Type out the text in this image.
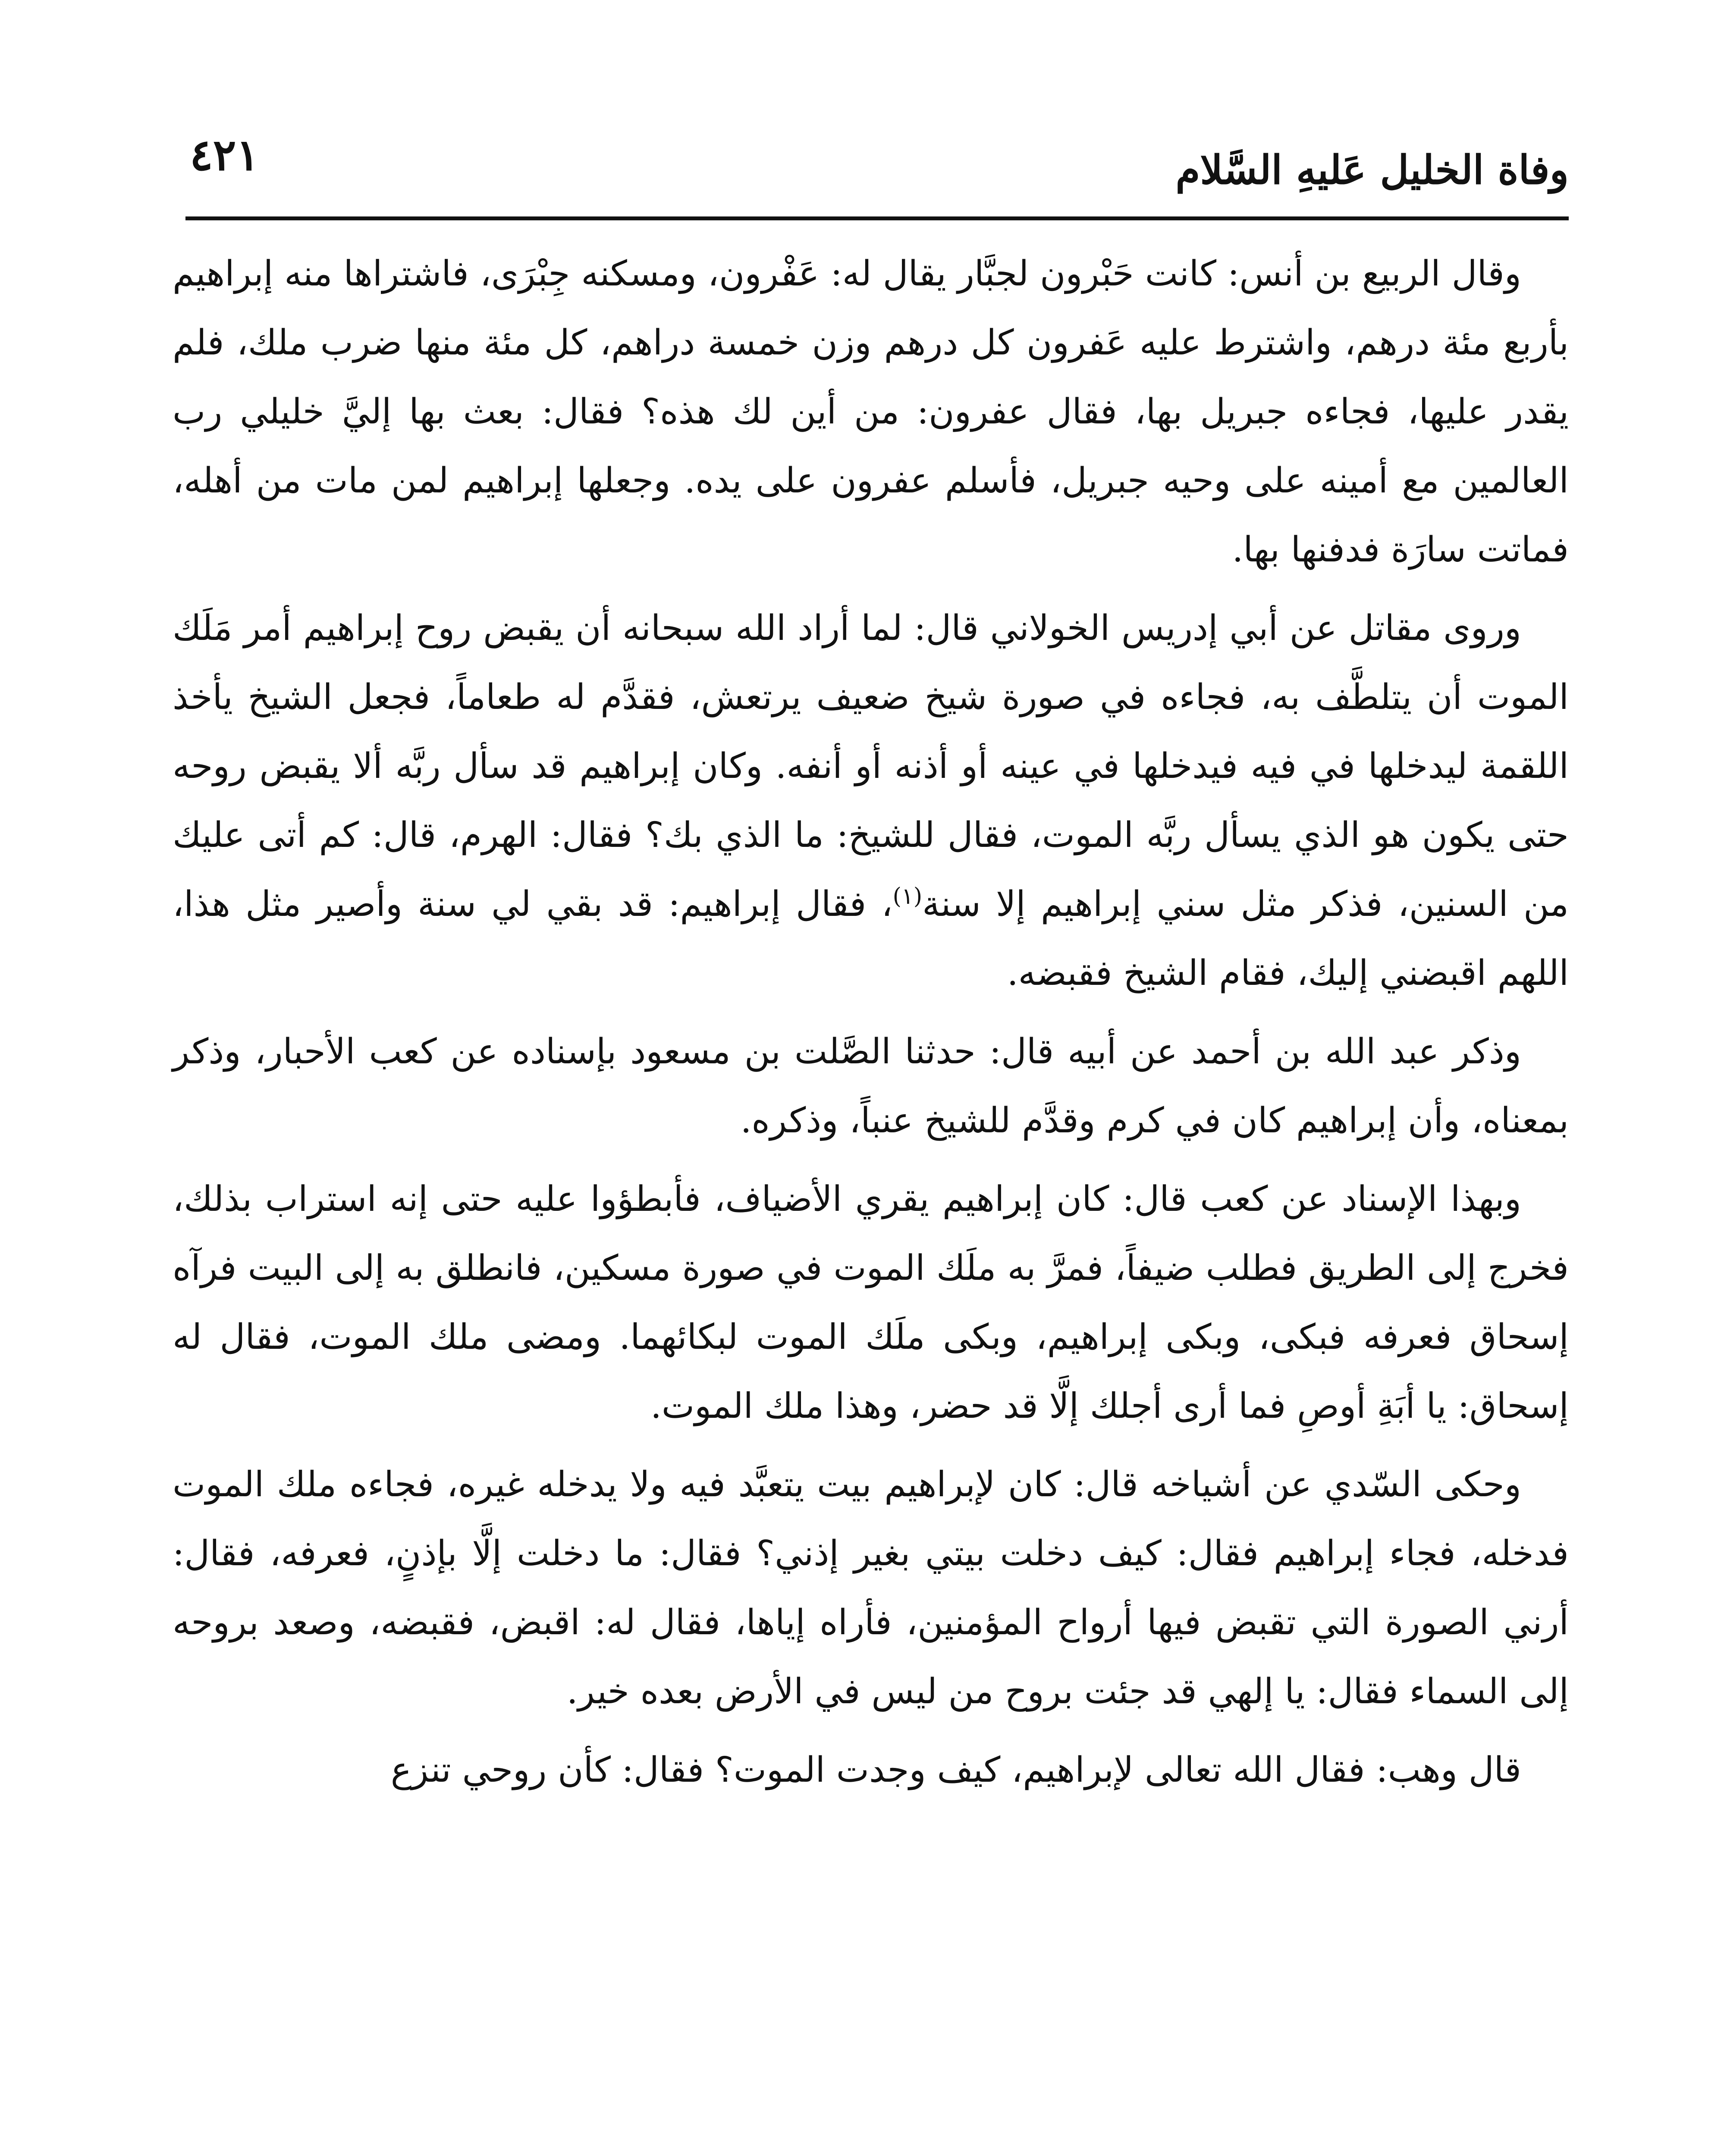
وفاة الخليل عَليهِ السَّلام
٤٢١

وقال الربيع بن أنس: كانت حَبْرون لجبَّار يقال له: عَفْرون، ومسكنه جِبْرَى، فاشتراها منه إبراهيم بأربع مئة درهم، واشترط عليه عَفرون كل درهم وزن خمسة دراهم، كل مئة منها ضرب ملك، فلم يقدر عليها، فجاءه جبريل بها، فقال عفرون: من أين لك هذه؟ فقال: بعث بها إليَّ خليلي رب العالمين مع أمينه على وحيه جبريل، فأسلم عفرون على يده. وجعلها إبراهيم لمن مات من أهله، فماتت سارَة فدفنها بها.

وروى مقاتل عن أبي إدريس الخولاني قال: لما أراد الله سبحانه أن يقبض روح إبراهيم أمر مَلَك الموت أن يتلطَّف به، فجاءه في صورة شيخ ضعيف يرتعش، فقدَّم له طعاماً، فجعل الشيخ يأخذ اللقمة ليدخلها في فيه فيدخلها في عينه أو أذنه أو أنفه. وكان إبراهيم قد سأل ربَّه ألا يقبض روحه حتى يكون هو الذي يسأل ربَّه الموت، فقال للشيخ: ما الذي بك؟ فقال: الهرم، قال: كم أتى عليك من السنين، فذكر مثل سني إبراهيم إلا سنة$^{(١)}$، فقال إبراهيم: قد بقي لي سنة وأصير مثل هذا، اللهم اقبضني إليك، فقام الشيخ فقبضه.

وذكر عبد الله بن أحمد عن أبيه قال: حدثنا الصَّلت بن مسعود بإسناده عن كعب الأحبار، وذكر بمعناه، وأن إبراهيم كان في كرم وقدَّم للشيخ عنباً، وذكره.

وبهذا الإسناد عن كعب قال: كان إبراهيم يقري الأضياف، فأبطؤوا عليه حتى إنه استراب بذلك، فخرج إلى الطريق فطلب ضيفاً، فمرَّ به ملَك الموت في صورة مسكين، فانطلق به إلى البيت فرآه إسحاق فعرفه فبكى، وبكى إبراهيم، وبكى ملَك الموت لبكائهما. ومضى ملك الموت، فقال له إسحاق: يا أبَةِ أوصِ فما أرى أجلك إلَّا قد حضر، وهذا ملك الموت.

وحكى السّدي عن أشياخه قال: كان لإبراهيم بيت يتعبَّد فيه ولا يدخله غيره، فجاءه ملك الموت فدخله، فجاء إبراهيم فقال: كيف دخلت بيتي بغير إذني؟ فقال: ما دخلت إلَّا بإذنٍ، فعرفه، فقال: أرني الصورة التي تقبض فيها أرواح المؤمنين، فأراه إياها، فقال له: اقبض، فقبضه، وصعد بروحه إلى السماء فقال: يا إلهي قد جئت بروح من ليس في الأرض بعده خير.

قال وهب: فقال الله تعالى لإبراهيم، كيف وجدت الموت؟ فقال: كأن روحي تنزع
